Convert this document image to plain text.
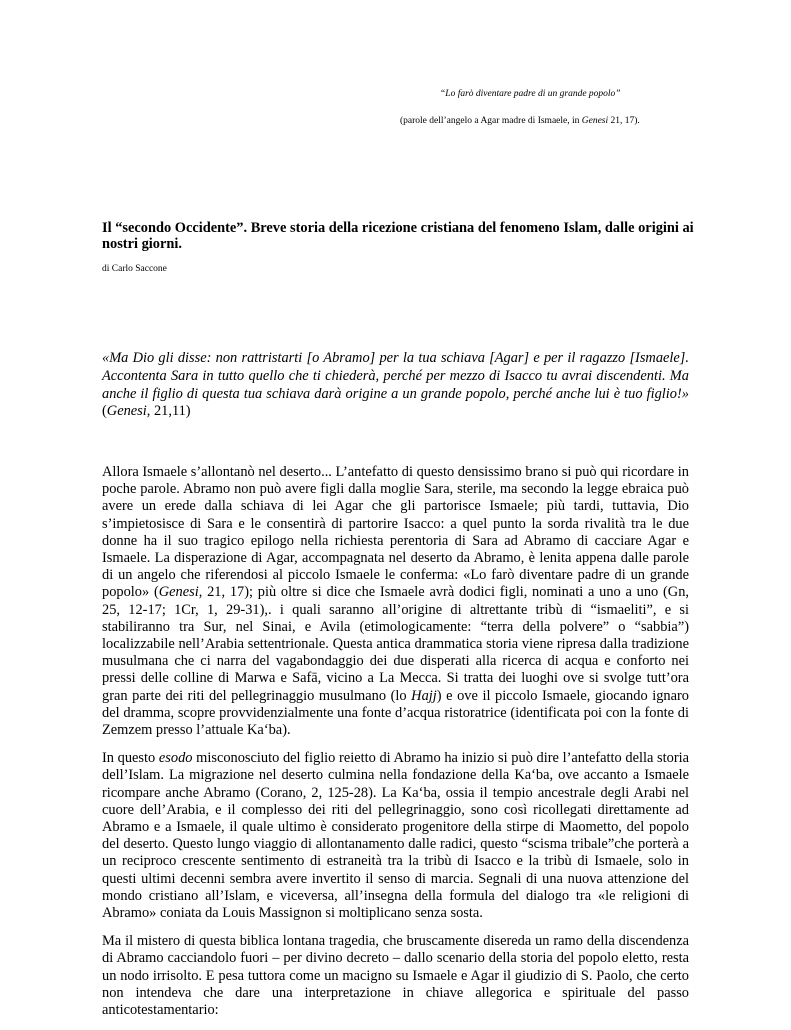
“Lo farò diventare padre di un grande popolo”
(parole dell’angelo a Agar madre di Ismaele, in Genesi 21, 17).
Il “secondo Occidente”. Breve storia della ricezione cristiana del fenomeno Islam, dalle origini ai nostri giorni.
di Carlo Saccone

«Ma Dio gli disse: non rattristarti [o Abramo] per la tua schiava [Agar] e per il ragazzo [Ismaele]. Accontenta Sara in tutto quello che ti chiederà, perché per mezzo di Isacco tu avrai discendenti. Ma anche il figlio di questa tua schiava darà origine a un grande popolo, perché anche lui è tuo figlio!» (Genesi, 21,11)

Allora Ismaele s’allontanò nel deserto... L’antefatto di questo densissimo brano si può qui ricordare in poche parole. Abramo non può avere figli dalla moglie Sara, sterile, ma secondo la legge ebraica può avere un erede dalla schiava di lei Agar che gli partorisce Ismaele; più tardi, tuttavia, Dio s’impietosisce di Sara e le consentirà di partorire Isacco: a quel punto la sorda rivalità tra le due donne ha il suo tragico epilogo nella richiesta perentoria di Sara ad Abramo di cacciare Agar e Ismaele. La disperazione di Agar, accompagnata nel deserto da Abramo, è lenita appena dalle parole di un angelo che riferendosi al piccolo Ismaele le conferma: «Lo farò diventare padre di un grande popolo» (Genesi, 21, 17); più oltre si dice che Ismaele avrà dodici figli, nominati a uno a uno (Gn, 25, 12-17; 1Cr, 1, 29-31),. i quali saranno all’origine di altrettante tribù di “ismaeliti”, e si stabiliranno tra Sur, nel Sinai, e Avila (etimologicamente: “terra della polvere” o “sabbia”) localizzabile nell’Arabia settentrionale. Questa antica drammatica storia viene ripresa dalla tradizione musulmana che ci narra del vagabondaggio dei due disperati alla ricerca di acqua e conforto nei pressi delle colline di Marwa e Safā, vicino a La Mecca. Si tratta dei luoghi ove si svolge tutt’ora gran parte dei riti del pellegrinaggio musulmano (lo Hajj) e ove il piccolo Ismaele, giocando ignaro del dramma, scopre provvidenzialmente una fonte d’acqua ristoratrice (identificata poi con la fonte di Zemzem presso l’attuale Ka‘ba).

In questo esodo misconosciuto del figlio reietto di Abramo ha inizio si può dire l’antefatto della storia dell’Islam. La migrazione nel deserto culmina nella fondazione della Ka‘ba, ove accanto a Ismaele ricompare anche Abramo (Corano, 2, 125-28). La Ka‘ba, ossia il tempio ancestrale degli Arabi nel cuore dell’Arabia, e il complesso dei riti del pellegrinaggio, sono così ricollegati direttamente ad Abramo e a Ismaele, il quale ultimo è considerato progenitore della stirpe di Maometto, del popolo del deserto. Questo lungo viaggio di allontanamento dalle radici, questo “scisma tribale”che porterà a un reciproco crescente sentimento di estraneità tra la tribù di Isacco e la tribù di Ismaele, solo in questi ultimi decenni sembra avere invertito il senso di marcia. Segnali di una nuova attenzione del mondo cristiano all’Islam, e viceversa, all’insegna della formula del dialogo tra «le religioni di Abramo» coniata da Louis Massignon si moltiplicano senza sosta.

Ma il mistero di questa biblica lontana tragedia, che bruscamente disereda un ramo della discendenza di Abramo cacciandolo fuori – per divino decreto – dallo scenario della storia del popolo eletto, resta un nodo irrisolto. E pesa tuttora come un macigno su Ismaele e Agar il giudizio di S. Paolo, che certo non intendeva che dare una interpretazione in chiave allegorica e spirituale del passo anticotestamentario:
